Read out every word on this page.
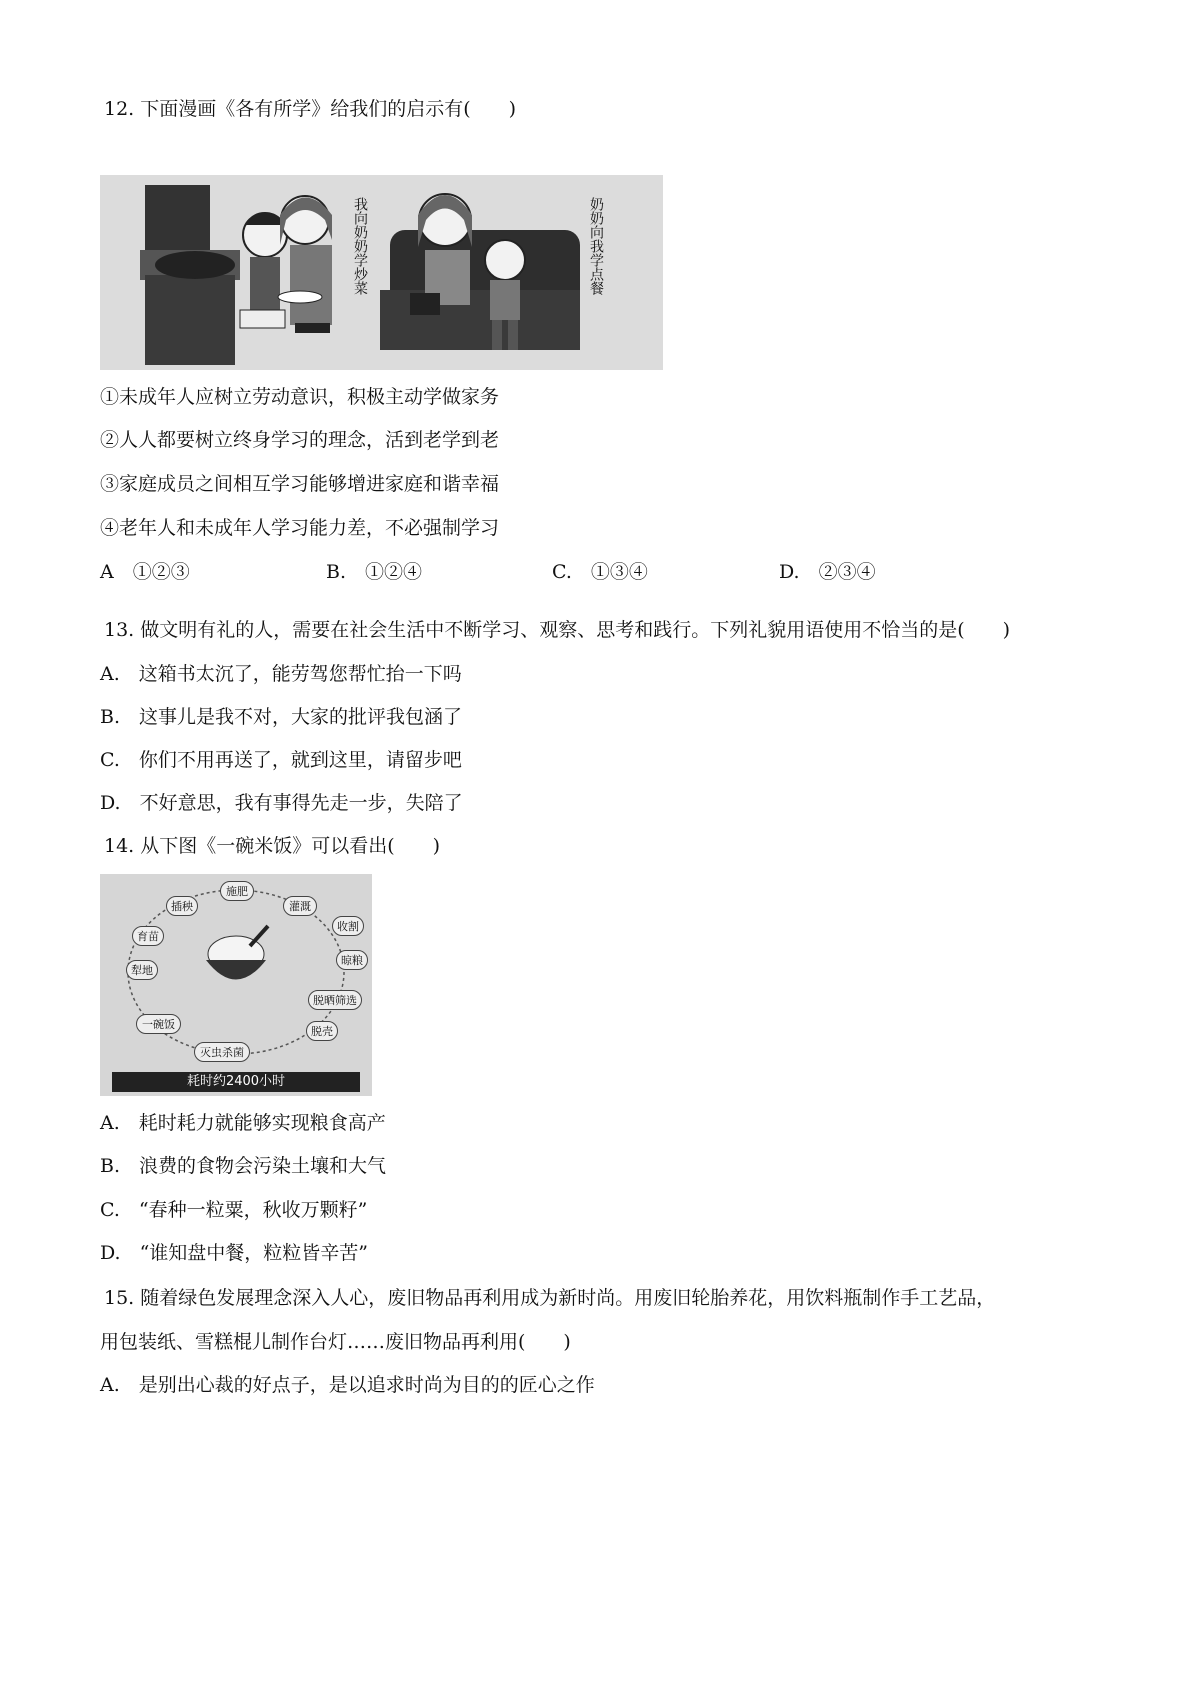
12. 下面漫画《各有所学》给我们的启示有(　　)
我向奶奶学炒菜	奶奶向我学点餐
①未成年人应树立劳动意识，积极主动学做家务
②人人都要树立终身学习的理念，活到老学到老
③家庭成员之间相互学习能够增进家庭和谐幸福
④老年人和未成年人学习能力差，不必强制学习
A　①②③	B.　①②④	C.　①③④	D.　②③④
13. 做文明有礼的人，需要在社会生活中不断学习、观察、思考和践行。下列礼貌用语使用不恰当的是(　　)
A.　这箱书太沉了，能劳驾您帮忙抬一下吗
B.　这事儿是我不对，大家的批评我包涵了
C.　你们不用再送了，就到这里，请留步吧
D.　不好意思，我有事得先走一步，失陪了
14. 从下图《一碗米饭》可以看出(　　)
施肥
灌溉
收割
晾粮
脱晒筛选
脱壳
灭虫杀菌
一碗饭
犁地
育苗
插秧
耗时约2400小时
A.　耗时耗力就能够实现粮食高产
B.　浪费的食物会污染土壤和大气
C.　“春种一粒粟，秋收万颗籽”
D.　“谁知盘中餐，粒粒皆辛苦”
15. 随着绿色发展理念深入人心，废旧物品再利用成为新时尚。用废旧轮胎养花，用饮料瓶制作手工艺品，
用包装纸、雪糕棍儿制作台灯……废旧物品再利用(　　)
A.　是别出心裁的好点子，是以追求时尚为目的的匠心之作
